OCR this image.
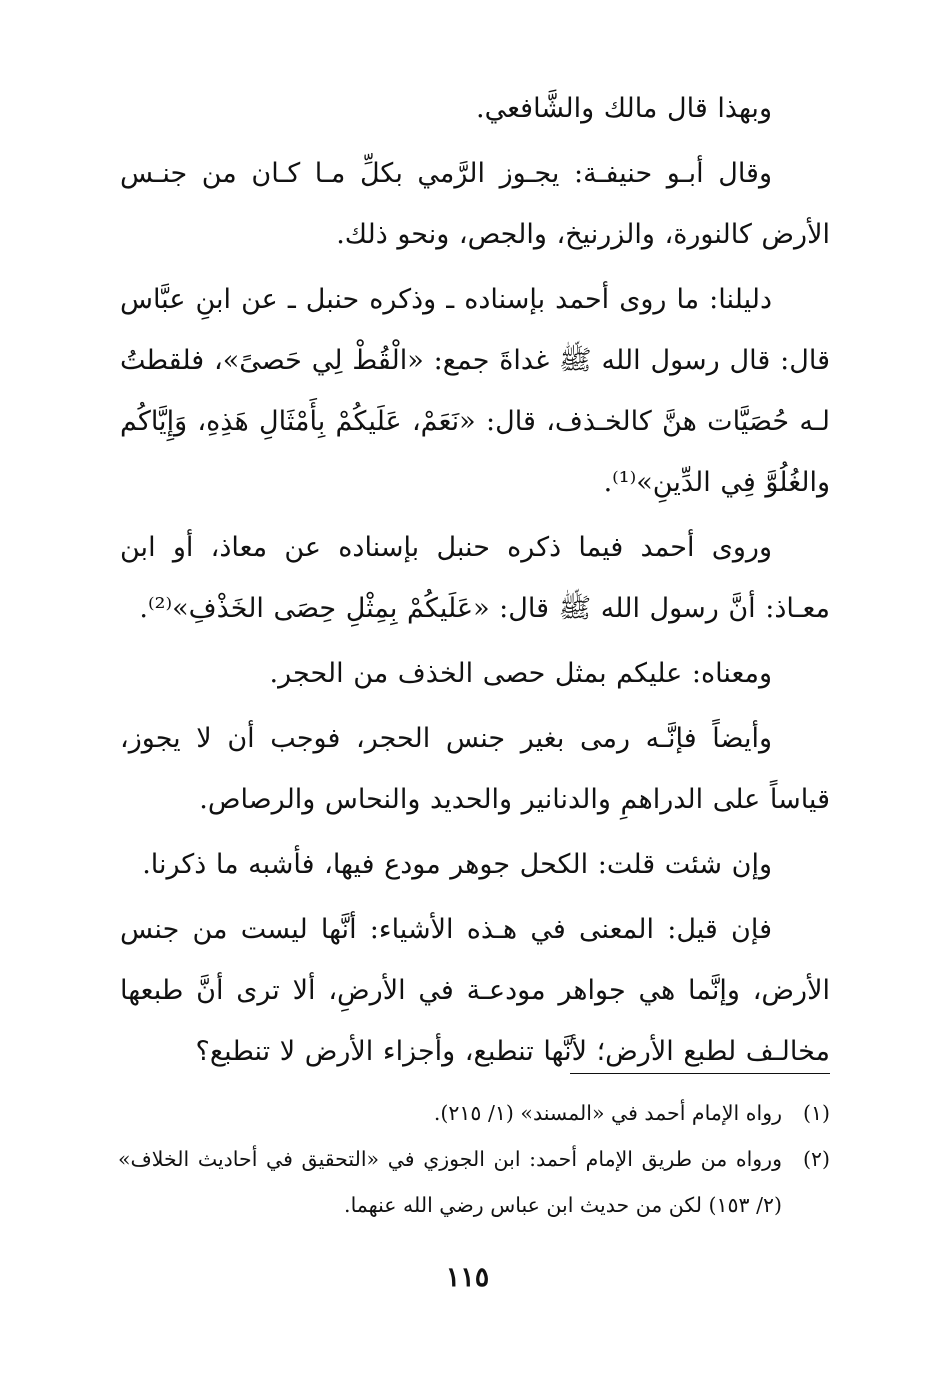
وبهذا قال مالك والشَّافعي.

وقال أبـو حنيفـة: يجـوز الرَّمي بكلِّ مـا كـان من جنـس الأرض كالنورة، والزرنيخ، والجص، ونحو ذلك.

دليلنا: ما روى أحمد بإسناده ـ وذكره حنبل ـ عن ابنِ عبَّاس قال: قال رسول الله ﷺ غداةَ جمع: «الْقُطْ لِي حَصىً»، فلقطتُ لـه حُصَيَّات هنَّ كالخـذف، قال: «نَعَمْ، عَلَيكُمْ بِأَمْثَالِ هَذِهِ، وَإِيَّاكُم والغُلُوَّ فِي الدِّينِ»⁽¹⁾.

وروى أحمد فيما ذكره حنبل بإسناده عن معاذ، أو ابن معـاذ: أنَّ رسول الله ﷺ قال: «عَلَيكُمْ بِمِثْلِ حِصَى الخَذْفِ»⁽²⁾.

ومعناه: عليكم بمثل حصى الخذف من الحجر.

وأيضاً فإنَّـه رمى بغير جنس الحجر، فوجب أن لا يجوز، قياساً على الدراهمِ والدنانير والحديد والنحاس والرصاص.

وإن شئت قلت: الكحل جوهر مودع فيها، فأشبه ما ذكرنا.

فإن قيل: المعنى في هـذه الأشياء: أنَّها ليست من جنس الأرض، وإنَّما هي جواهر مودعـة في الأرضِ، ألا ترى أنَّ طبعها مخالـف لطبع الأرض؛ لأنَّها تنطبع، وأجزاء الأرض لا تنطبع؟

(١)
رواه الإمام أحمد في «المسند» (١/ ٢١٥).
(٢)
ورواه من طريق الإمام أحمد: ابن الجوزي في «التحقيق في أحاديث الخلاف» (٢/ ١٥٣) لكن من حديث ابن عباس رضي الله عنهما.
١١٥
